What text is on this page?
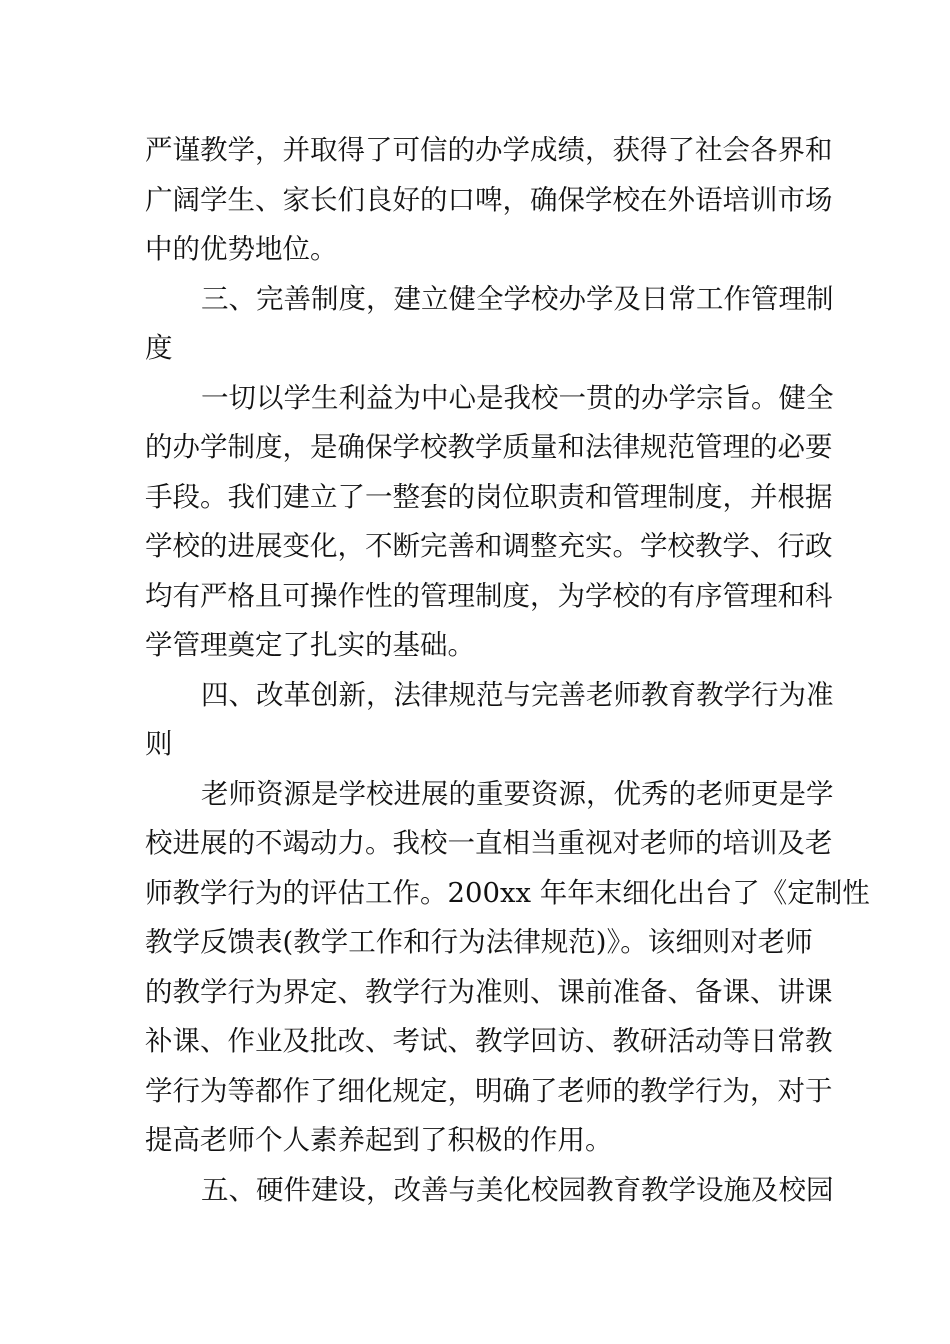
严谨教学，并取得了可信的办学成绩，获得了社会各界和
广阔学生、家长们良好的口啤，确保学校在外语培训市场
中的优势地位。
三、完善制度，建立健全学校办学及日常工作管理制
度
一切以学生利益为中心是我校一贯的办学宗旨。健全
的办学制度，是确保学校教学质量和法律规范管理的必要
手段。我们建立了一整套的岗位职责和管理制度，并根据
学校的进展变化，不断完善和调整充实。学校教学、行政
均有严格且可操作性的管理制度，为学校的有序管理和科
学管理奠定了扎实的基础。
四、改革创新，法律规范与完善老师教育教学行为准
则
老师资源是学校进展的重要资源，优秀的老师更是学
校进展的不竭动力。我校一直相当重视对老师的培训及老
师教学行为的评估工作。200xx 年年末细化出台了《定制性
教学反馈表(教学工作和行为法律规范)》。该细则对老师
的教学行为界定、教学行为准则、课前准备、备课、讲课
补课、作业及批改、考试、教学回访、教研活动等日常教
学行为等都作了细化规定，明确了老师的教学行为，对于
提高老师个人素养起到了积极的作用。
五、硬件建设，改善与美化校园教育教学设施及校园
